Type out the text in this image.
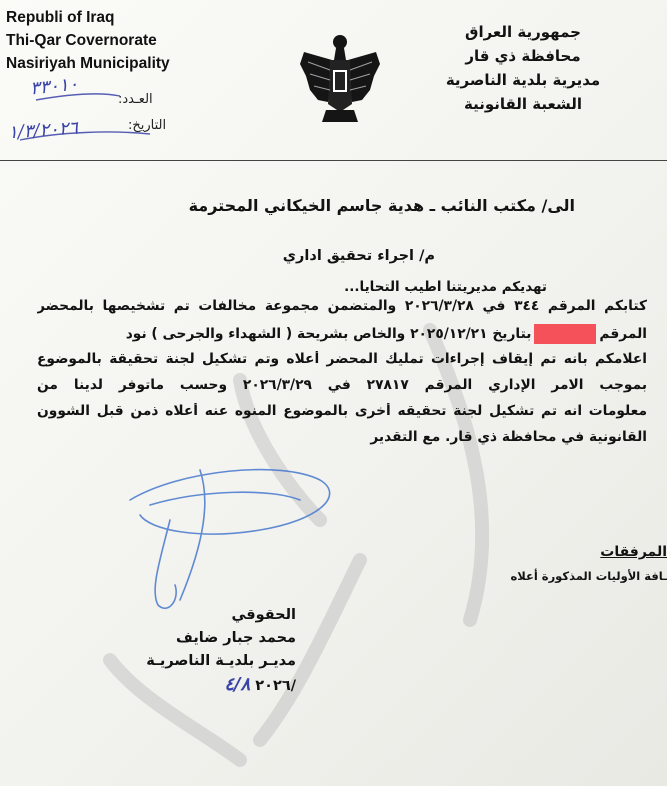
Republi of Iraq
Thi-Qar Covernorate
Nasiriyah Municipality
جمهورية العراق
محافظة ذي قار
مديرية بلدية الناصرية
الشعبة القانونية
العـدد:
التاريخ:
٣٣٠١٠
١/٣/٢٠٢٦
الى/ مكتب النائب ـ هدية جاسم الخيكاني المحترمة
م/ اجراء تحقيق اداري
تهديكم مديريتنا اطيب التحايا...
كتابكم المرقم ٣٤٤ في ٢٠٢٦/٣/٢٨ والمتضمن مجموعة مخالفات تم تشخيصها بالمحضر
المرقمبتاريخ ٢٠٢٥/١٢/٢١ والخاص بشريحة ( الشهداء والجرحى ) نود
اعلامكم بانه تم إيقاف إجراءات تمليك المحضر أعلاه وتم تشكيل لجنة تحقيقة بالموضوع
بموجب الامر الإداري المرقم ٢٧٨١٧ في ٢٠٢٦/٣/٢٩ وحسب ماتوفر لدينا من
معلومات انه تم تشكيل لجنة تحقيقه أخرى بالموضوع المنوه عنه أعلاه ذمن قبل الشوون
القانونية في محافظة ذي قار. مع التقدير
المرفقات
ـافة الأوليات المذكورة أعلاه
الحقوقي
محمد جبار ضايف
مديـر بلديـة الناصريـة
/٢٠٢٦ ٤/٨
